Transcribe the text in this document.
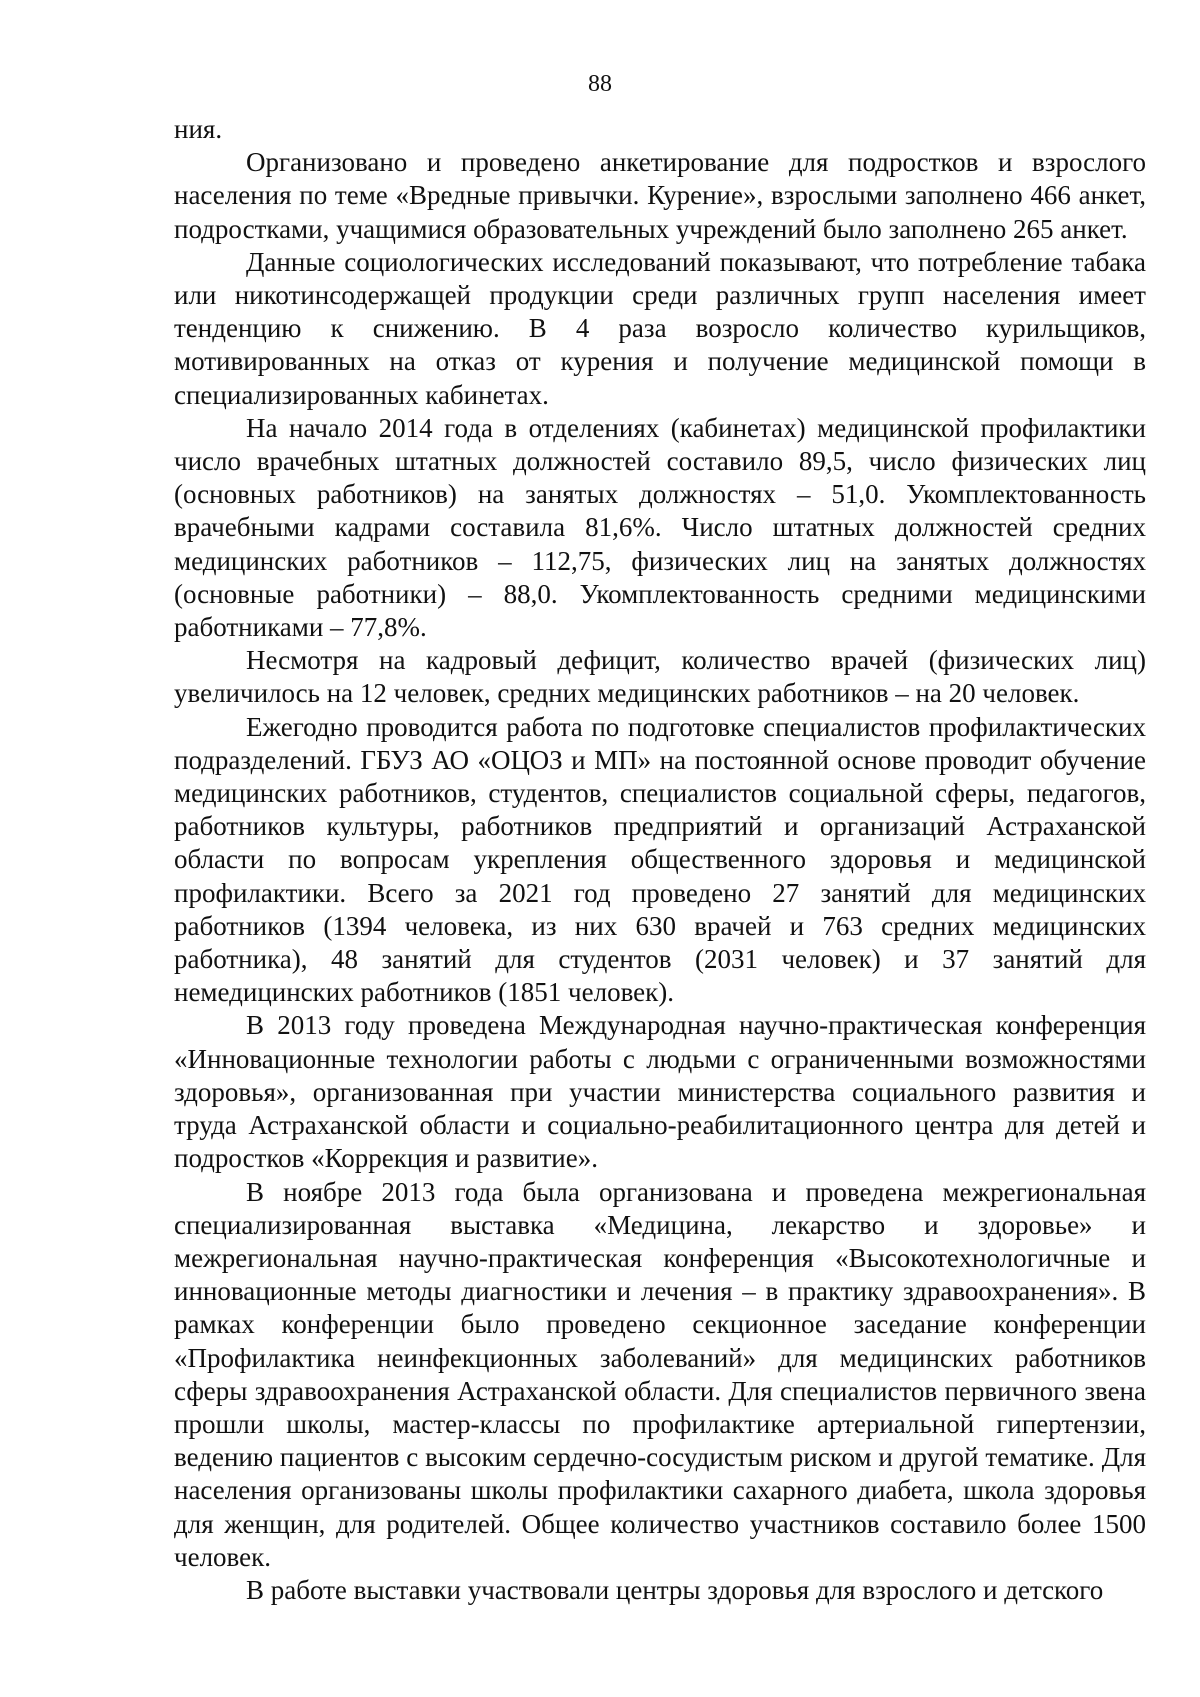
88

ния.

Организовано и проведено анкетирование для подростков и взрослого населения по теме «Вредные привычки. Курение», взрослыми заполнено 466 анкет, подростками, учащимися образовательных учреждений было заполнено 265 анкет.

Данные социологических исследований показывают, что потребление табака или никотинсодержащей продукции среди различных групп населения имеет тенденцию к снижению. В 4 раза возросло количество курильщиков, мотивированных на отказ от курения и получение медицинской помощи в специализированных кабинетах.

На начало 2014 года в отделениях (кабинетах) медицинской профилактики число врачебных штатных должностей составило 89,5, число физических лиц (основных работников) на занятых должностях – 51,0. Укомплектованность врачебными кадрами составила 81,6%. Число штатных должностей средних медицинских работников – 112,75, физических лиц на занятых должностях (основные работники) – 88,0. Укомплектованность средними медицинскими работниками – 77,8%.

Несмотря на кадровый дефицит, количество врачей (физических лиц) увеличилось на 12 человек, средних медицинских работников – на 20 человек.

Ежегодно проводится работа по подготовке специалистов профилактических подразделений. ГБУЗ АО «ОЦОЗ и МП» на постоянной основе проводит обучение медицинских работников, студентов, специалистов социальной сферы, педагогов, работников культуры, работников предприятий и организаций Астраханской области по вопросам укрепления общественного здоровья и медицинской профилактики. Всего за 2021 год проведено 27 занятий для медицинских работников (1394 человека, из них 630 врачей и 763 средних медицинских работника), 48 занятий для студентов (2031 человек) и 37 занятий для немедицинских работников (1851 человек).

В 2013 году проведена Международная научно-практическая конференция «Инновационные технологии работы с людьми с ограниченными возможностями здоровья», организованная при участии министерства социального развития и труда Астраханской области и социально-реабилитационного центра для детей и подростков «Коррекция и развитие».

В ноябре 2013 года была организована и проведена межрегиональная специализированная выставка «Медицина, лекарство и здоровье» и межрегиональная научно-практическая конференция «Высокотехнологичные и инновационные методы диагностики и лечения – в практику здравоохранения». В рамках конференции было проведено секционное заседание конференции «Профилактика неинфекционных заболеваний» для медицинских работников сферы здравоохранения Астраханской области. Для специалистов первичного звена прошли школы, мастер-классы по профилактике артериальной гипертензии, ведению пациентов с высоким сердечно-сосудистым риском и другой тематике. Для населения организованы школы профилактики сахарного диабета, школа здоровья для женщин, для родителей. Общее количество участников составило более 1500 человек.

В работе выставки участвовали центры здоровья для взрослого и детского
